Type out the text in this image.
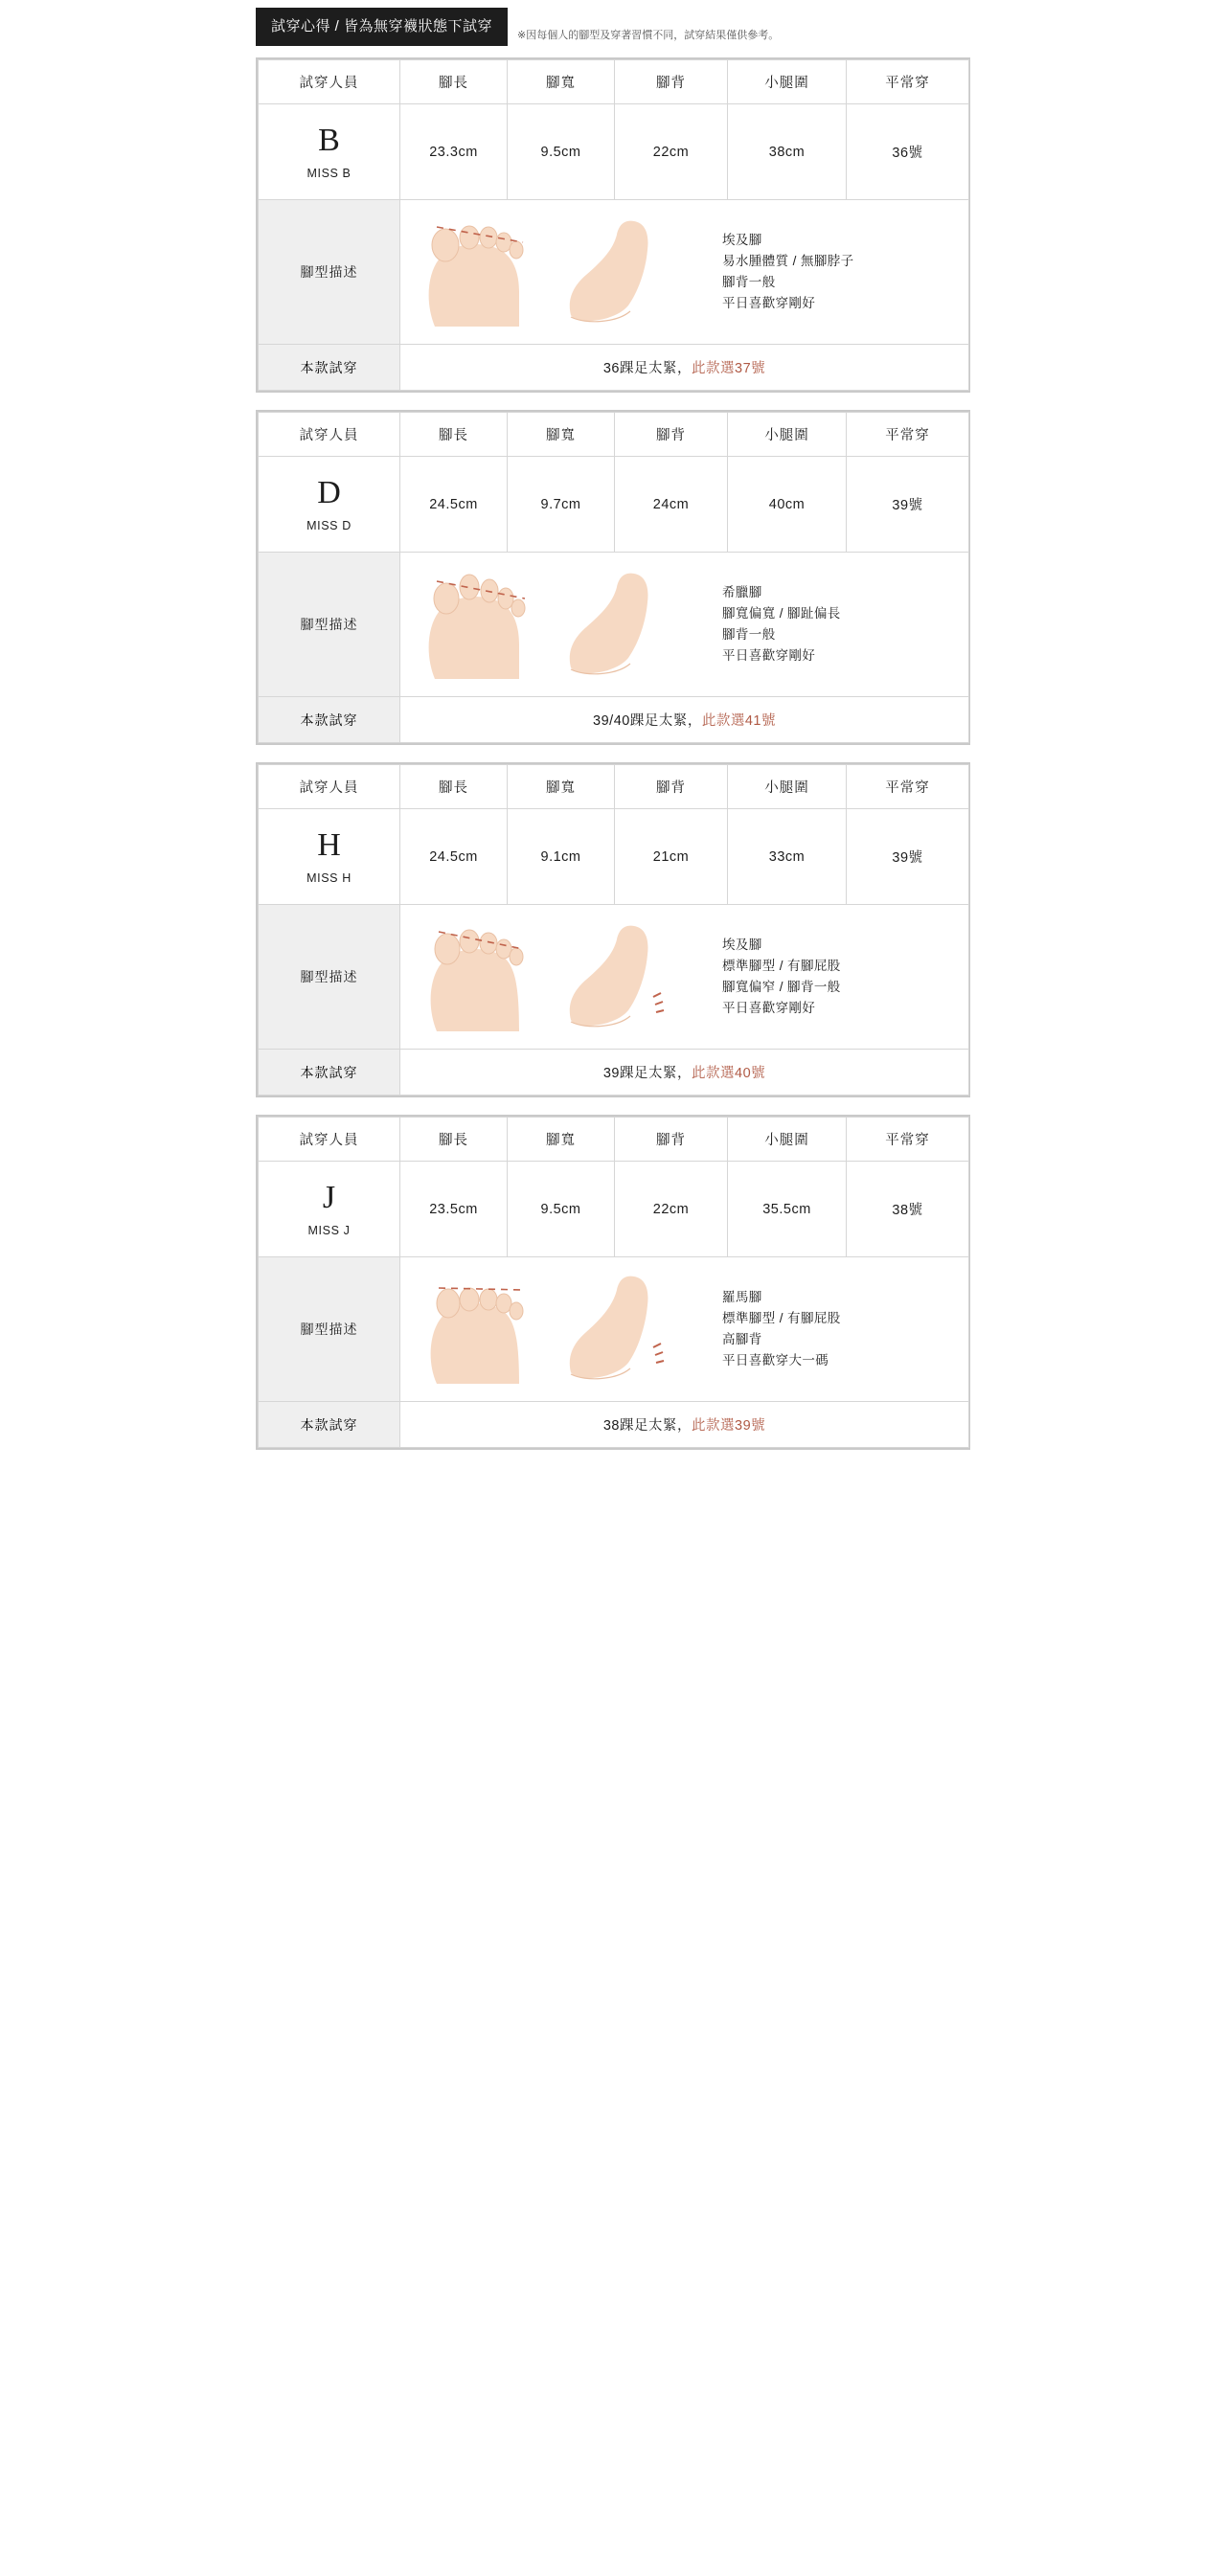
試穿心得 / 皆為無穿襪狀態下試穿
※因每個人的腳型及穿著習慣不同，試穿結果僅供參考。
試穿人員	腳長	腳寬	腳背	小腿圍	平常穿

B
MISS B	23.3cm	9.5cm	22cm	38cm	36號
腳型描述	埃及腳
易水腫體質 / 無腳脖子
腳背一般
平日喜歡穿剛好				

本款試穿	36踝足太緊，此款選37號				
試穿人員	腳長	腳寬	腳背	小腿圍	平常穿

D
MISS D	24.5cm	9.7cm	24cm	40cm	39號
腳型描述	希臘腳
腳寬偏寬 / 腳趾偏長
腳背一般
平日喜歡穿剛好				

本款試穿	39/40踝足太緊，此款選41號				
試穿人員	腳長	腳寬	腳背	小腿圍	平常穿

H
MISS H	24.5cm	9.1cm	21cm	33cm	39號
腳型描述	埃及腳
標準腳型 / 有腳屁股
腳寬偏窄 / 腳背一般
平日喜歡穿剛好				

本款試穿	39踝足太緊，此款選40號				
試穿人員	腳長	腳寬	腳背	小腿圍	平常穿

J
MISS J	23.5cm	9.5cm	22cm	35.5cm	38號
腳型描述	羅馬腳
標準腳型 / 有腳屁股
高腳背
平日喜歡穿大一碼				

本款試穿	38踝足太緊，此款選39號				
